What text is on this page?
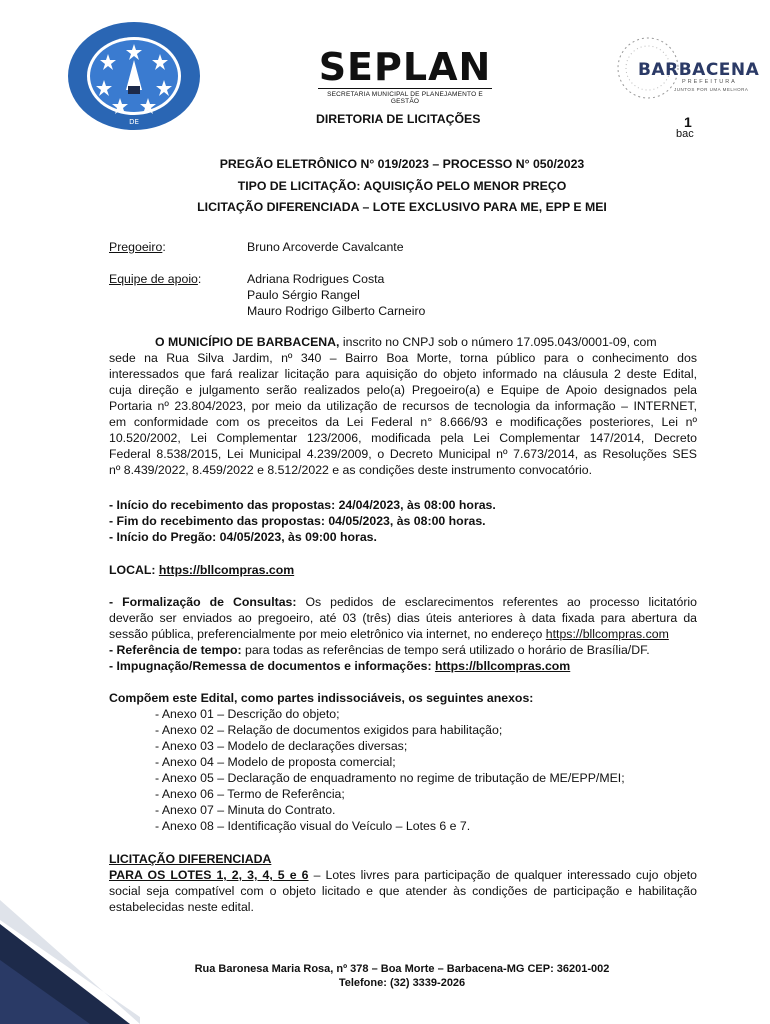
DE
SEPLAN
SECRETARIA MUNICIPAL DE PLANEJAMENTO E GESTÃO
BARBACENA
PREFEITURA
JUNTOS POR UMA MELHORA
DIRETORIA DE LICITAÇÕES	1
bac
PREGÃO ELETRÔNICO N° 019/2023 – PROCESSO N° 050/2023
TIPO DE LICITAÇÃO: AQUISIÇÃO PELO MENOR PREÇO
LICITAÇÃO DIFERENCIADA – LOTE EXCLUSIVO PARA ME, EPP E MEI
Pregoeiro:	Bruno Arcoverde Cavalcante
Equipe de apoio:	Adriana Rodrigues Costa
Paulo Sérgio Rangel
Mauro Rodrigo Gilberto Carneiro
O MUNICÍPIO DE BARBACENA, inscrito no CNPJ sob o número 17.095.043/0001-09, com
sede na Rua Silva Jardim, nº 340 – Bairro Boa Morte, torna público para o conhecimento dos
interessados que fará realizar licitação para aquisição do objeto informado na cláusula 2 deste Edital,
cuja direção e julgamento serão realizados pelo(a) Pregoeiro(a) e Equipe de Apoio designados pela
Portaria nº 23.804/2023, por meio da utilização de recursos de tecnologia da informação – INTERNET,
em conformidade com os preceitos da Lei Federal n° 8.666/93 e modificações posteriores, Lei nº
10.520/2002, Lei Complementar 123/2006, modificada pela Lei Complementar 147/2014, Decreto
Federal 8.538/2015, Lei Municipal 4.239/2009, o Decreto Municipal nº 7.673/2014, as Resoluções SES
nº 8.439/2022, 8.459/2022 e 8.512/2022 e as condições deste instrumento convocatório.
- Início do recebimento das propostas: 24/04/2023, às 08:00 horas.
- Fim do recebimento das propostas: 04/05/2023, às 08:00 horas.
- Início do Pregão: 04/05/2023, às 09:00 horas.
LOCAL: https://bllcompras.com
- Formalização de Consultas: Os pedidos de esclarecimentos referentes ao processo licitatório
deverão ser enviados ao pregoeiro, até 03 (três) dias úteis anteriores à data fixada para abertura da
sessão pública, preferencialmente por meio eletrônico via internet, no endereço https://bllcompras.com
- Referência de tempo: para todas as referências de tempo será utilizado o horário de Brasília/DF.
- Impugnação/Remessa de documentos e informações: https://bllcompras.com
Compõem este Edital, como partes indissociáveis, os seguintes anexos:
- Anexo 01 – Descrição do objeto;
- Anexo 02 – Relação de documentos exigidos para habilitação;
- Anexo 03 – Modelo de declarações diversas;
- Anexo 04 – Modelo de proposta comercial;
- Anexo 05 – Declaração de enquadramento no regime de tributação de ME/EPP/MEI;
- Anexo 06 – Termo de Referência;
- Anexo 07 – Minuta do Contrato.
- Anexo 08 – Identificação visual do Veículo – Lotes 6 e 7.
LICITAÇÃO DIFERENCIADA
PARA OS LOTES 1, 2, 3, 4, 5 e 6 – Lotes livres para participação de qualquer interessado cujo objeto
social seja compatível com o objeto licitado e que atender às condições de participação e habilitação
estabelecidas neste edital.
Rua Baronesa Maria Rosa, nº 378 – Boa Morte – Barbacena-MG CEP: 36201-002
Telefone: (32) 3339-2026
